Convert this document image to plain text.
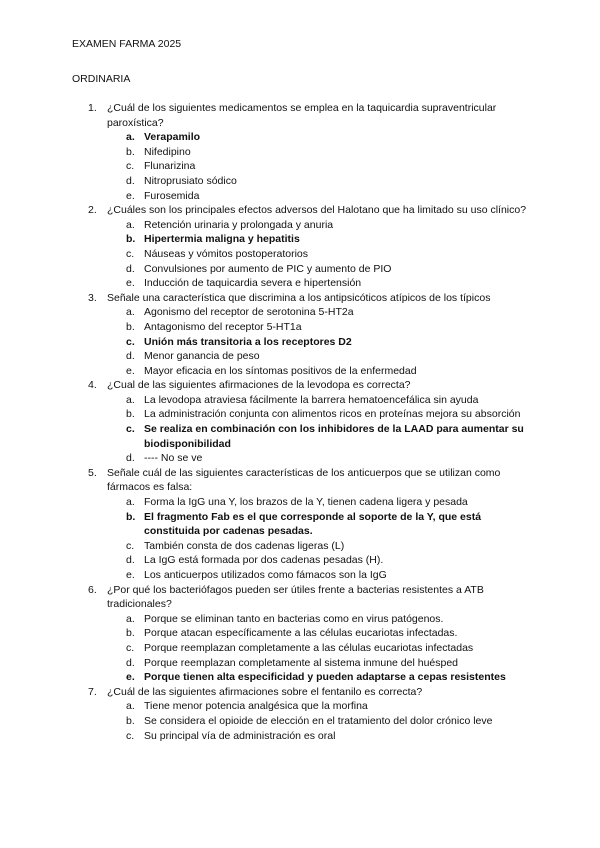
EXAMEN FARMA 2025
ORDINARIA
1. ¿Cuál de los siguientes medicamentos se emplea en la taquicardia supraventricular paroxística?
a. Verapamilo
b. Nifedipino
c. Flunarizina
d. Nitroprusiato sódico
e. Furosemida
2. ¿Cuáles son los principales efectos adversos del Halotano que ha limitado su uso clínico?
a. Retención urinaria y prolongada y anuria
b. Hipertermia maligna y hepatitis
c. Náuseas y vómitos postoperatorios
d. Convulsiones por aumento de PIC y aumento de PIO
e. Inducción de taquicardia severa e hipertensión
3. Señale una característica que discrimina a los antipsicóticos atípicos de los típicos
a. Agonismo del receptor de serotonina 5-HT2a
b. Antagonismo del receptor 5-HT1a
c. Unión más transitoria a los receptores D2
d. Menor ganancia de peso
e. Mayor eficacia en los síntomas positivos de la enfermedad
4. ¿Cual de las siguientes afirmaciones de la levodopa es correcta?
a. La levodopa atraviesa fácilmente la barrera hematoencefálica sin ayuda
b. La administración conjunta con alimentos ricos en proteínas mejora su absorción
c. Se realiza en combinación con los inhibidores de la LAAD para aumentar su biodisponibilidad
d. ---- No se ve
5. Señale cuál de las siguientes características de los anticuerpos que se utilizan como fármacos es falsa:
a. Forma la IgG una Y, los brazos de la Y, tienen cadena ligera y pesada
b. El fragmento Fab es el que corresponde al soporte de la Y, que está constituida por cadenas pesadas.
c. También consta de dos cadenas ligeras (L)
d. La IgG está formada por dos cadenas pesadas (H).
e. Los anticuerpos utilizados como fámacos son la IgG
6. ¿Por qué los bacteriófagos pueden ser útiles frente a bacterias resistentes a ATB tradicionales?
a. Porque se eliminan tanto en bacterias como en virus patógenos.
b. Porque atacan específicamente a las células eucariotas infectadas.
c. Porque reemplazan completamente a las células eucariotas infectadas
d. Porque reemplazan completamente al sistema inmune del huésped
e. Porque tienen alta especificidad y pueden adaptarse a cepas resistentes
7. ¿Cuál de las siguientes afirmaciones sobre el fentanilo es correcta?
a. Tiene menor potencia analgésica que la morfina
b. Se considera el opioide de elección en el tratamiento del dolor crónico leve
c. Su principal vía de administración es oral
